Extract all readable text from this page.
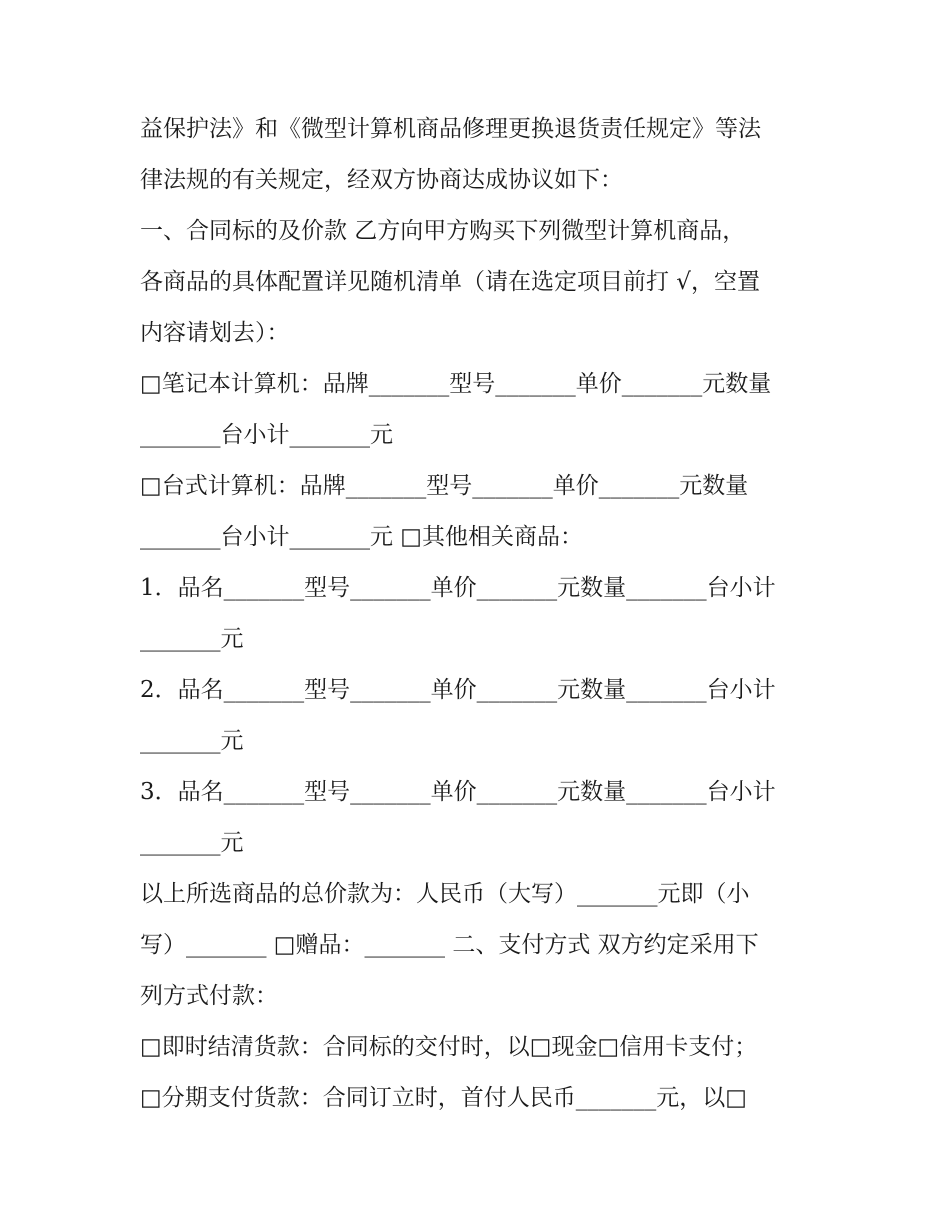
益保护法》和《微型计算机商品修理更换退货责任规定》等法
律法规的有关规定，经双方协商达成协议如下：
一、合同标的及价款 乙方向甲方购买下列微型计算机商品，
各商品的具体配置详见随机清单（请在选定项目前打 √，空置
内容请划去）：
□笔记本计算机：品牌_______型号_______单价_______元数量
_______台小计_______元
□台式计算机：品牌_______型号_______单价_______元数量
_______台小计_______元 □其他相关商品：
1．品名_______型号_______单价_______元数量_______台小计
_______元
2．品名_______型号_______单价_______元数量_______台小计
_______元
3．品名_______型号_______单价_______元数量_______台小计
_______元
以上所选商品的总价款为：人民币（大写）_______元即（小
写）_______ □赠品：_______ 二、支付方式 双方约定采用下
列方式付款：
□即时结清货款：合同标的交付时，以□现金□信用卡支付；
□分期支付货款：合同订立时，首付人民币_______元，以□
